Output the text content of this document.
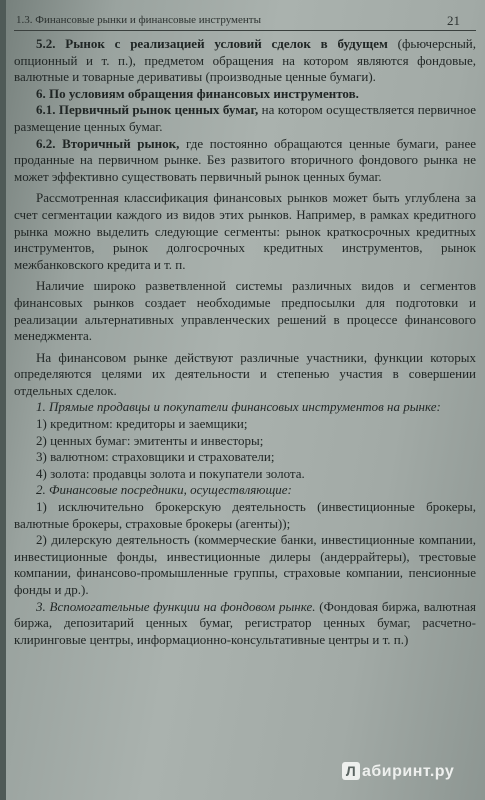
1.3. Финансовые рынки и финансовые инструменты	21

5.2. Рынок с реализацией условий сделок в будущем (фьючерсный, опционный и т. п.), предметом обращения на котором являются фондовые, валютные и товарные деривативы (производные ценные бумаги).

6. По условиям обращения финансовых инструментов.

6.1. Первичный рынок ценных бумаг, на котором осуществляется первичное размещение ценных бумаг.

6.2. Вторичный рынок, где постоянно обращаются ценные бумаги, ранее проданные на первичном рынке. Без развитого вторичного фондового рынка не может эффективно существовать первичный рынок ценных бумаг.

Рассмотренная классификация финансовых рынков может быть углублена за счет сегментации каждого из видов этих рынков. Например, в рамках кредитного рынка можно выделить следующие сегменты: рынок краткосрочных кредитных инструментов, рынок долгосрочных кредитных инструментов, рынок межбанковского кредита и т. п.

Наличие широко разветвленной системы различных видов и сегментов финансовых рынков создает необходимые предпосылки для подготовки и реализации альтернативных управленческих решений в процессе финансового менеджмента.

На финансовом рынке действуют различные участники, функции которых определяются целями их деятельности и степенью участия в совершении отдельных сделок.

1. Прямые продавцы и покупатели финансовых инструментов на рынке:

1) кредитном: кредиторы и заемщики;

2) ценных бумаг: эмитенты и инвесторы;

3) валютном: страховщики и страхователи;

4) золота: продавцы золота и покупатели золота.

2. Финансовые посредники, осуществляющие:

1) исключительно брокерскую деятельность (инвестиционные брокеры, валютные брокеры, страховые брокеры (агенты));

2) дилерскую деятельность (коммерческие банки, инвестиционные компании, инвестиционные фонды, инвестиционные дилеры (андеррайтеры), трестовые компании, финансово-промышленные группы, страховые компании, пенсионные фонды и др.).

3. Вспомогательные функции на фондовом рынке. (Фондовая биржа, валютная биржа, депозитарий ценных бумаг, регистратор ценных бумаг, расчетно-клиринговые центры, информационно-консультативные центры и т. п.)

Л абиринт.ру
